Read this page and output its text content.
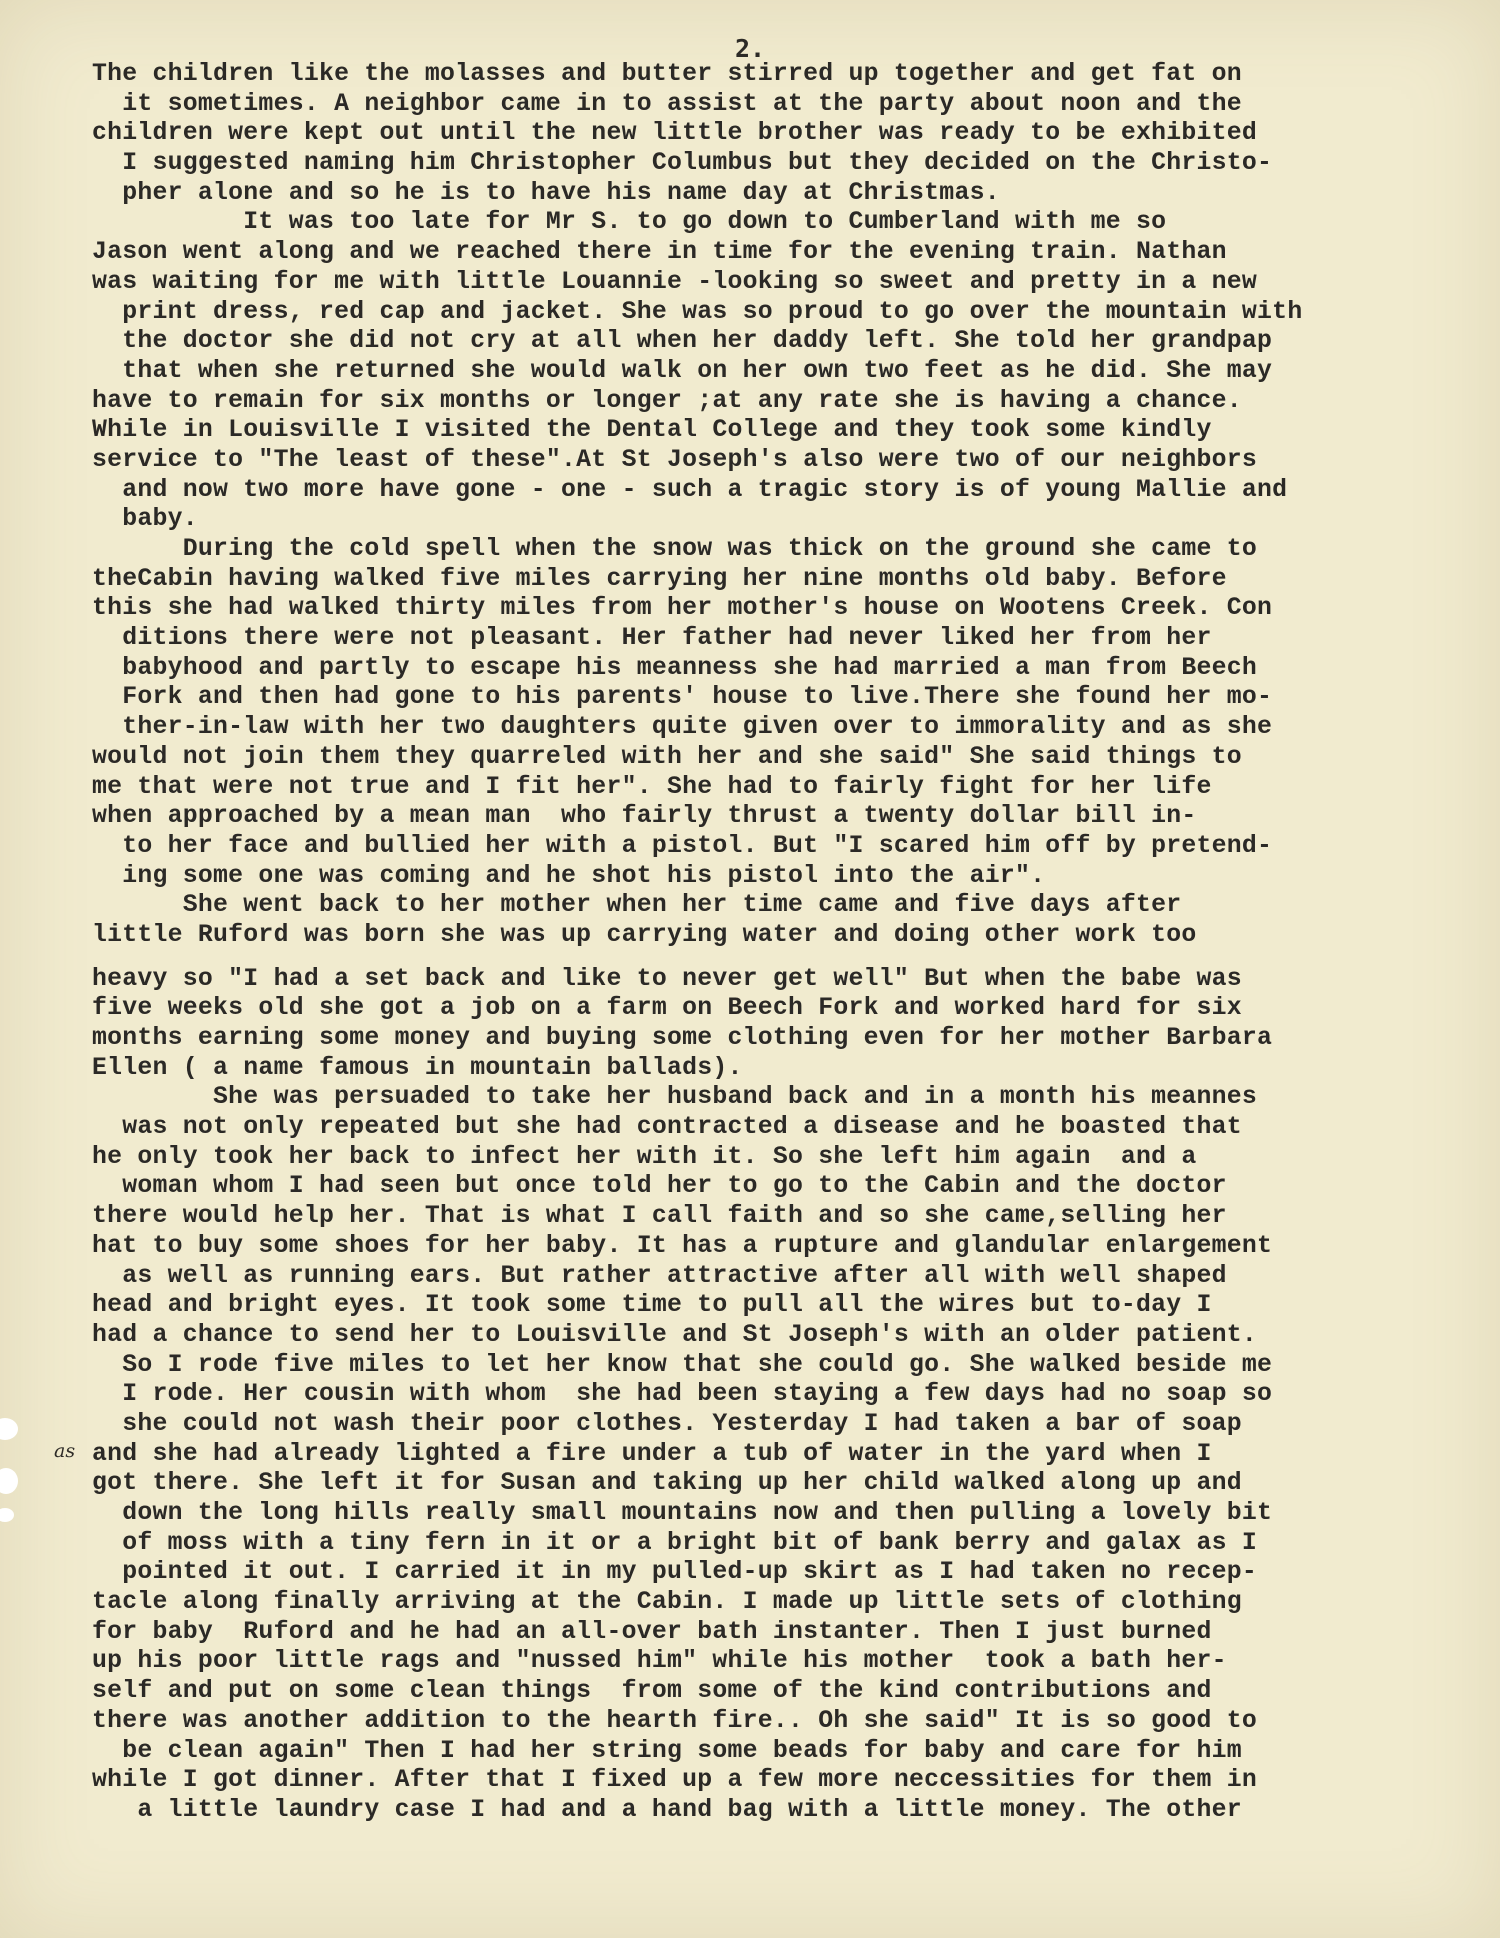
2.
The children like the molasses and butter stirred up together and get fat on
it sometimes. A neighbor came in to assist at the party about noon and the
children were kept out until the new little brother was ready to be exhibited
I suggested naming him Christopher Columbus but they decided on the Christo-
pher alone and so he is to have his name day at Christmas.
It was too late for Mr S. to go down to Cumberland with me so
Jason went along and we reached there in time for the evening train. Nathan
was waiting for me with little Louannie -looking so sweet and pretty in a new
print dress, red cap and jacket. She was so proud to go over the mountain with
the doctor she did not cry at all when her daddy left. She told her grandpap
that when she returned she would walk on her own two feet as he did. She may
have to remain for six months or longer ;at any rate she is having a chance.
While in Louisville I visited the Dental College and they took some kindly
service to "The least of these".At St Joseph's also were two of our neighbors
and now two more have gone - one - such a tragic story is of young Mallie and
baby.
During the cold spell when the snow was thick on the ground she came to
theCabin having walked five miles carrying her nine months old baby. Before
this she had walked thirty miles from her mother's house on Wootens Creek. Con
ditions there were not pleasant. Her father had never liked her from her
babyhood and partly to escape his meanness she had married a man from Beech
Fork and then had gone to his parents' house to live.There she found her mo-
ther-in-law with her two daughters quite given over to immorality and as she
would not join them they quarreled with her and she said" She said things to
me that were not true and I fit her". She had to fairly fight for her life
when approached by a mean man  who fairly thrust a twenty dollar bill in-
to her face and bullied her with a pistol. But "I scared him off by pretend-
ing some one was coming and he shot his pistol into the air".
She went back to her mother when her time came and five days after
little Ruford was born she was up carrying water and doing other work too
heavy so "I had a set back and like to never get well" But when the babe was
five weeks old she got a job on a farm on Beech Fork and worked hard for six
months earning some money and buying some clothing even for her mother Barbara
Ellen ( a name famous in mountain ballads).
She was persuaded to take her husband back and in a month his meannes
was not only repeated but she had contracted a disease and he boasted that
he only took her back to infect her with it. So she left him again  and a
woman whom I had seen but once told her to go to the Cabin and the doctor
there would help her. That is what I call faith and so she came,selling her
hat to buy some shoes for her baby. It has a rupture and glandular enlargement
as well as running ears. But rather attractive after all with well shaped
head and bright eyes. It took some time to pull all the wires but to-day I
had a chance to send her to Louisville and St Joseph's with an older patient.
So I rode five miles to let her know that she could go. She walked beside me
I rode. Her cousin with whom  she had been staying a few days had no soap so
she could not wash their poor clothes. Yesterday I had taken a bar of soap
and she had already lighted a fire under a tub of water in the yard when I
got there. She left it for Susan and taking up her child walked along up and
down the long hills really small mountains now and then pulling a lovely bit
of moss with a tiny fern in it or a bright bit of bank berry and galax as I
pointed it out. I carried it in my pulled-up skirt as I had taken no recep-
tacle along finally arriving at the Cabin. I made up little sets of clothing
for baby  Ruford and he had an all-over bath instanter. Then I just burned
up his poor little rags and "nussed him" while his mother  took a bath her-
self and put on some clean things  from some of the kind contributions and
there was another addition to the hearth fire.. Oh she said" It is so good to
be clean again" Then I had her string some beads for baby and care for him
while I got dinner. After that I fixed up a few more neccessities for them in
a little laundry case I had and a hand bag with a little money. The other
as
